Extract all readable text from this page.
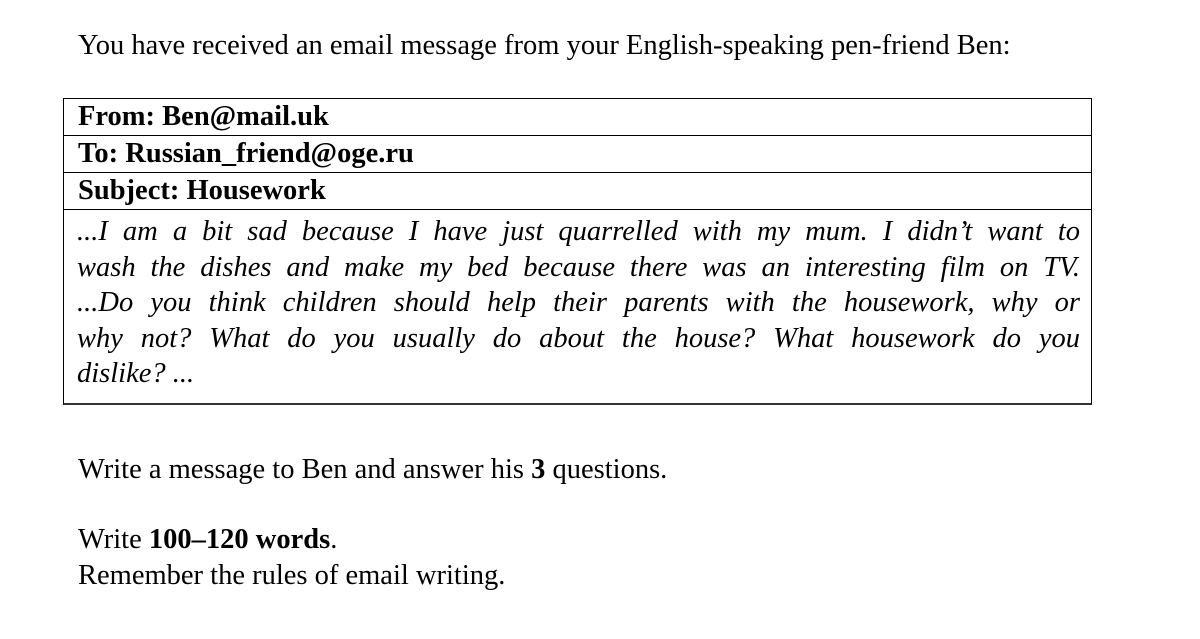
You have received an email message from your English-speaking pen-friend Ben:
From: Ben@mail.uk
To: Russian_friend@oge.ru
Subject: Housework
...I am a bit sad because I have just quarrelled with my mum. I didn’t want to
wash the dishes and make my bed because there was an interesting film on TV.
...Do you think children should help their parents with the housework, why or
why not? What do you usually do about the house? What housework do you
dislike? ...
Write a message to Ben and answer his 3 questions.
Write 100–120 words.
Remember the rules of email writing.
